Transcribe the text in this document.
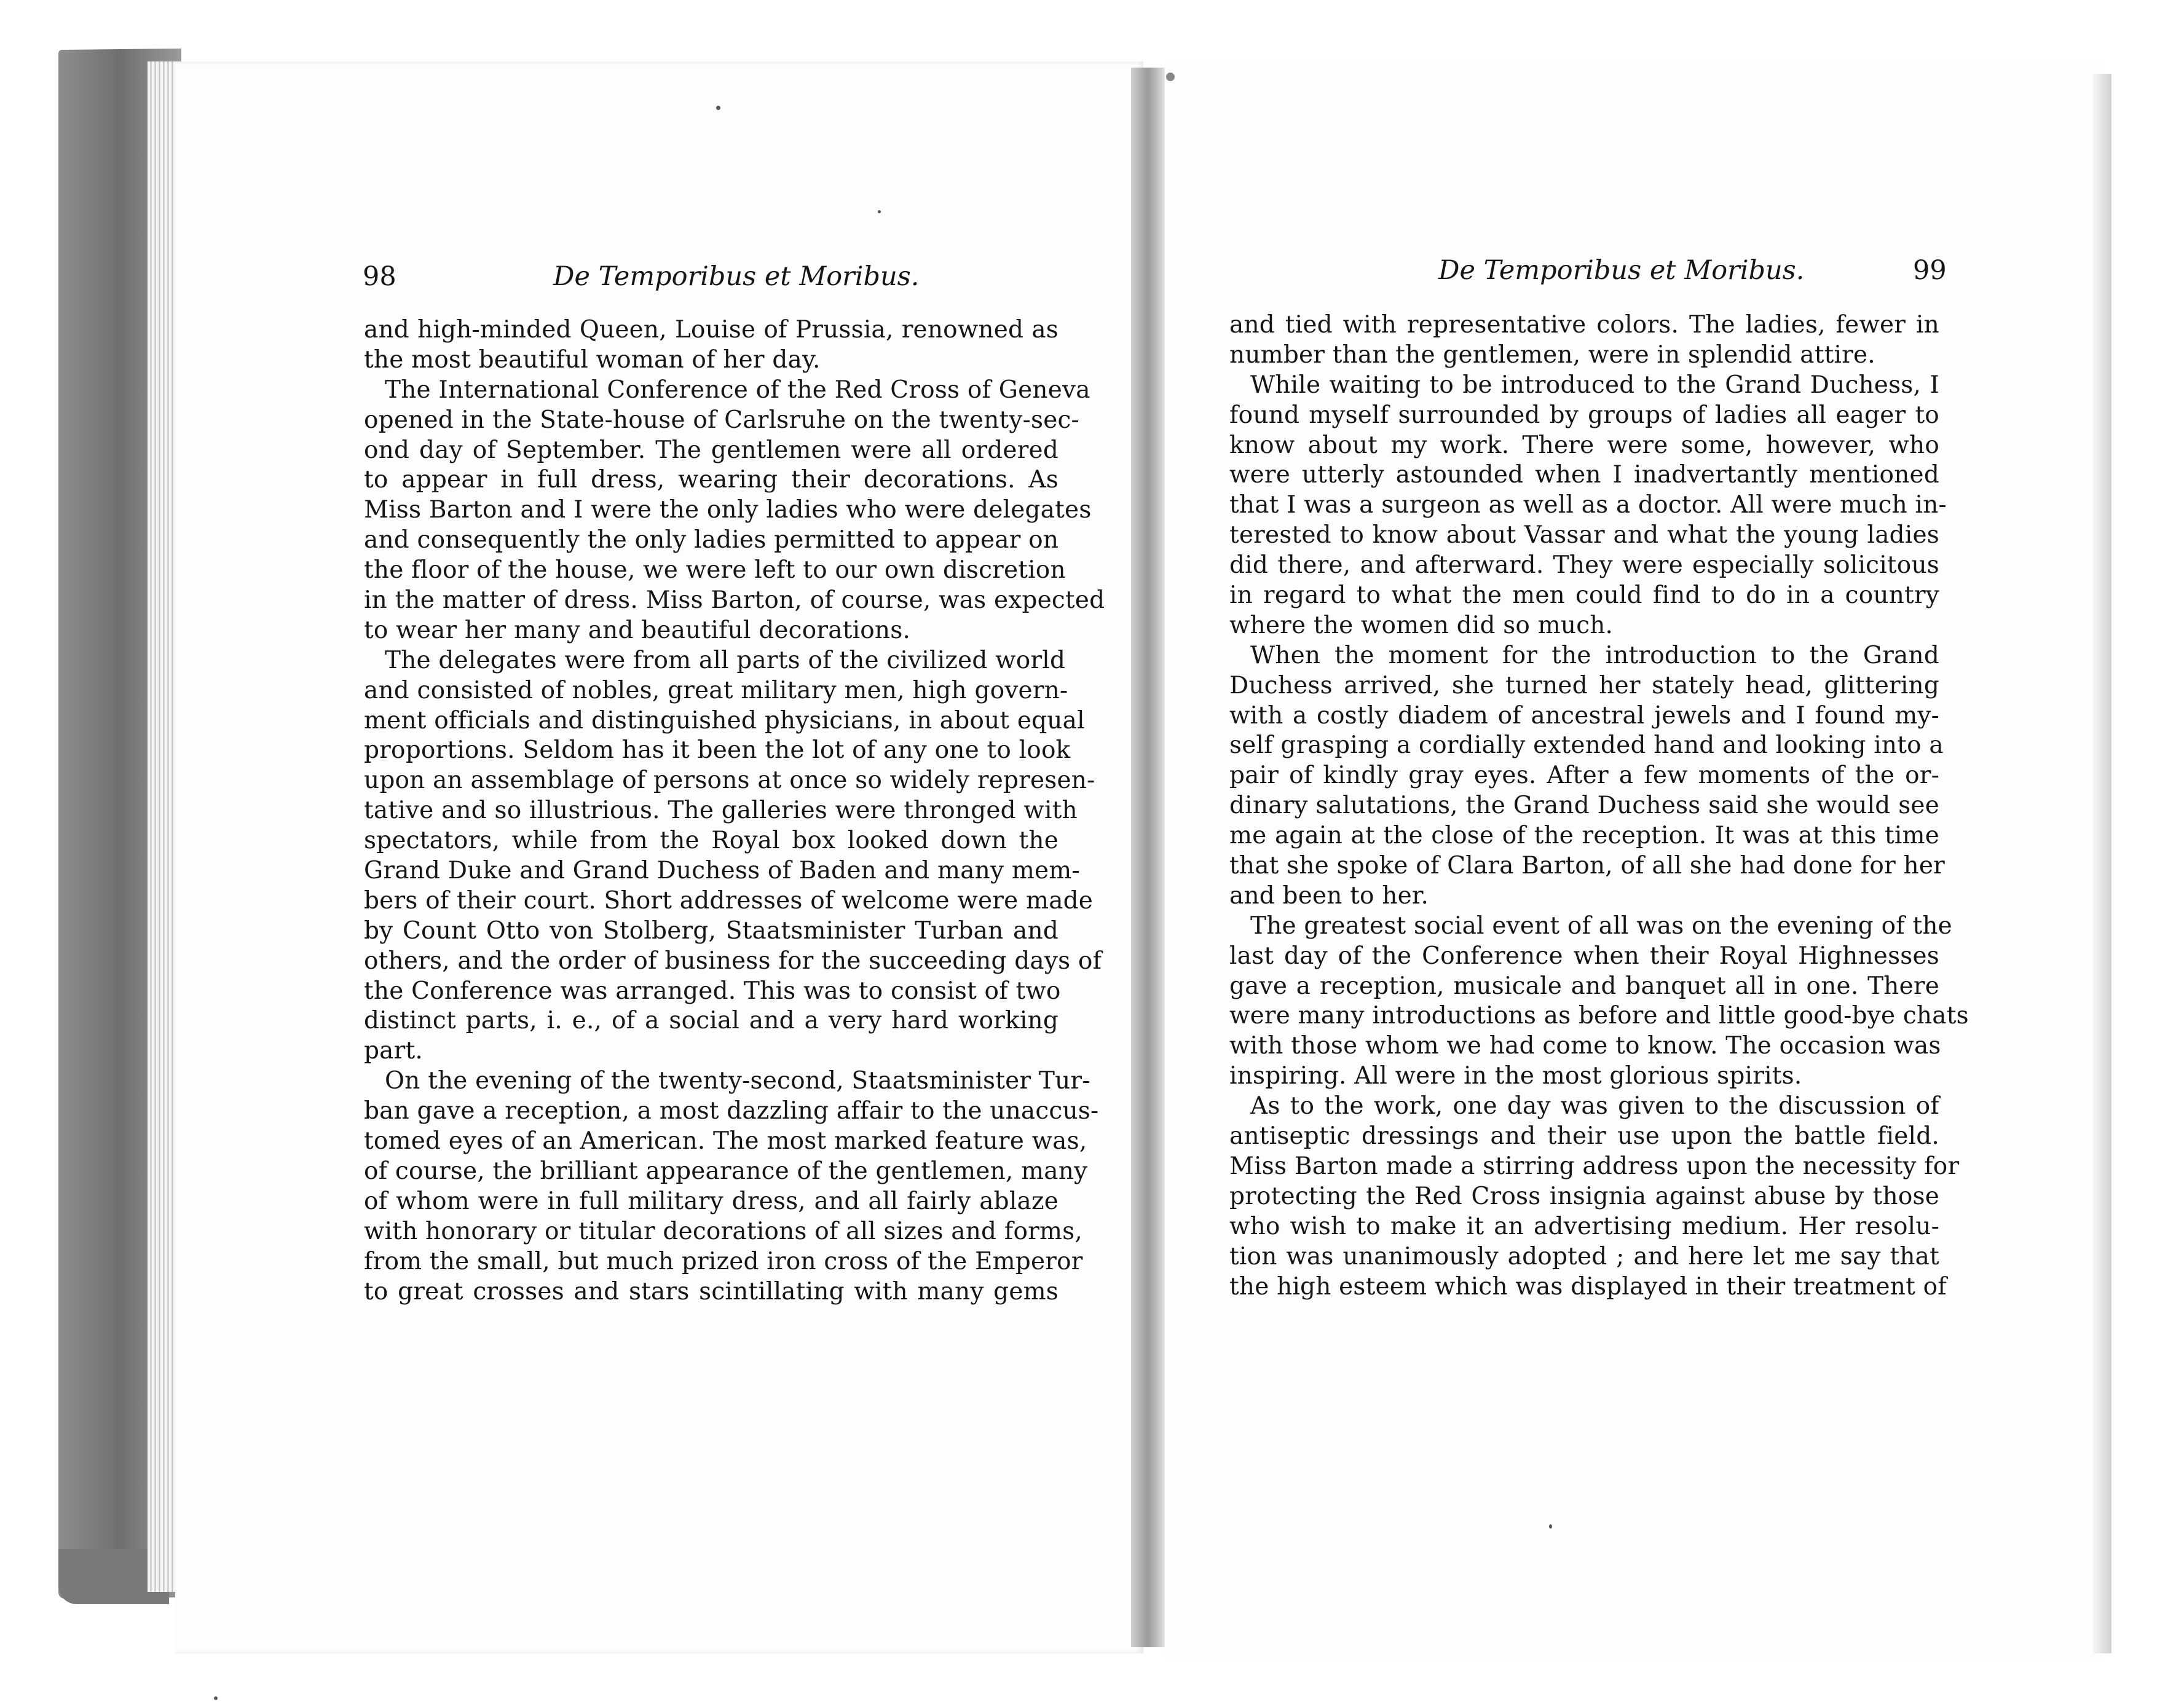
98	De Temporibus et Moribus.
and high-minded Queen, Louise of Prussia, renowned as
the most beautiful woman of her day.
The International Conference of the Red Cross of Geneva
opened in the State-house of Carlsruhe on the twenty-sec-
ond day of September. The gentlemen were all ordered
to appear in full dress, wearing their decorations. As
Miss Barton and I were the only ladies who were delegates
and consequently the only ladies permitted to appear on
the floor of the house, we were left to our own discretion
in the matter of dress. Miss Barton, of course, was expected
to wear her many and beautiful decorations.
The delegates were from all parts of the civilized world
and consisted of nobles, great military men, high govern-
ment officials and distinguished physicians, in about equal
proportions. Seldom has it been the lot of any one to look
upon an assemblage of persons at once so widely represen-
tative and so illustrious. The galleries were thronged with
spectators, while from the Royal box looked down the
Grand Duke and Grand Duchess of Baden and many mem-
bers of their court. Short addresses of welcome were made
by Count Otto von Stolberg, Staatsminister Turban and
others, and the order of business for the succeeding days of
the Conference was arranged. This was to consist of two
distinct parts, i. e., of a social and a very hard working
part.
On the evening of the twenty-second, Staatsminister Tur-
ban gave a reception, a most dazzling affair to the unaccus-
tomed eyes of an American. The most marked feature was,
of course, the brilliant appearance of the gentlemen, many
of whom were in full military dress, and all fairly ablaze
with honorary or titular decorations of all sizes and forms,
from the small, but much prized iron cross of the Emperor
to great crosses and stars scintillating with many gems
De Temporibus et Moribus.	99
and tied with representative colors. The ladies, fewer in
number than the gentlemen, were in splendid attire.
While waiting to be introduced to the Grand Duchess, I
found myself surrounded by groups of ladies all eager to
know about my work. There were some, however, who
were utterly astounded when I inadvertantly mentioned
that I was a surgeon as well as a doctor. All were much in-
terested to know about Vassar and what the young ladies
did there, and afterward. They were especially solicitous
in regard to what the men could find to do in a country
where the women did so much.
When the moment for the introduction to the Grand
Duchess arrived, she turned her stately head, glittering
with a costly diadem of ancestral jewels and I found my-
self grasping a cordially extended hand and looking into a
pair of kindly gray eyes. After a few moments of the or-
dinary salutations, the Grand Duchess said she would see
me again at the close of the reception. It was at this time
that she spoke of Clara Barton, of all she had done for her
and been to her.
The greatest social event of all was on the evening of the
last day of the Conference when their Royal Highnesses
gave a reception, musicale and banquet all in one. There
were many introductions as before and little good-bye chats
with those whom we had come to know. The occasion was
inspiring. All were in the most glorious spirits.
As to the work, one day was given to the discussion of
antiseptic dressings and their use upon the battle field.
Miss Barton made a stirring address upon the necessity for
protecting the Red Cross insignia against abuse by those
who wish to make it an advertising medium. Her resolu-
tion was unanimously adopted ; and here let me say that
the high esteem which was displayed in their treatment of
